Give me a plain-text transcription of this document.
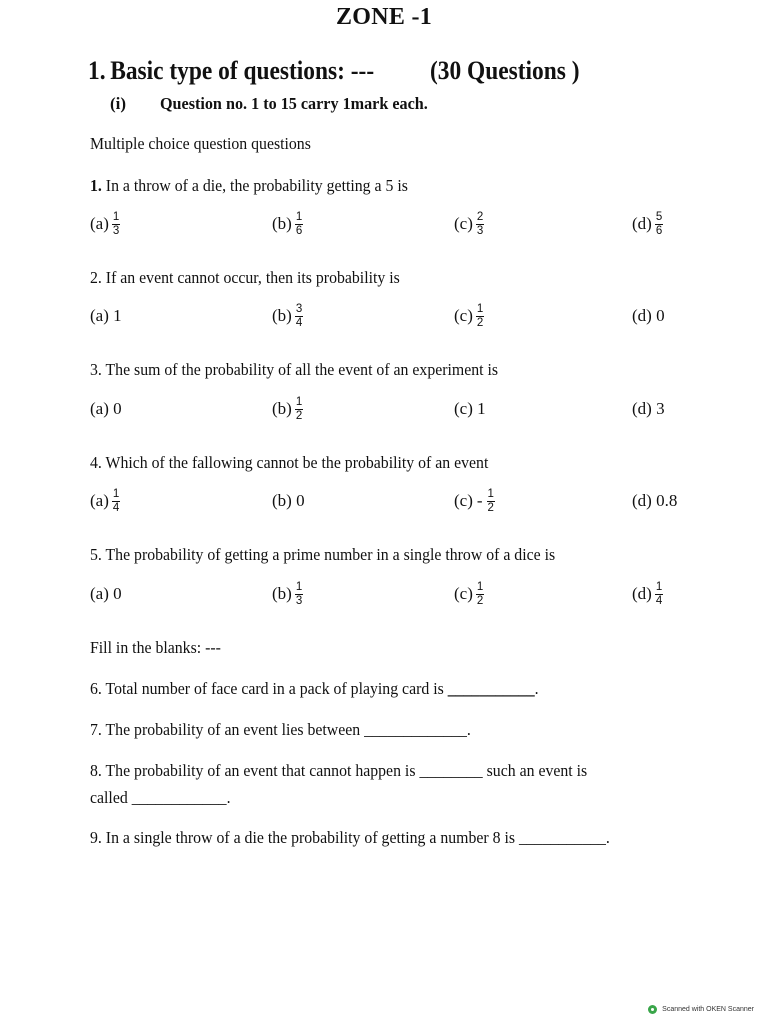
ZONE -1
1. Basic type of questions: --- (30 Questions )
(i) Question no. 1 to 15 carry 1mark each.
Multiple choice question questions
1. In a throw of a die, the probability getting a 5 is
$(a) \frac{1}{3}$	$(b) \frac{1}{6}$	$(c) \frac{2}{3}$	$(d) \frac{5}{6}$
2. If an event cannot occur, then its probability is
(a) 1	$(b) \frac{3}{4}$	$(c) \frac{1}{2}$	(d) 0
3. The sum of the probability of all the event of an experiment is
(a) 0	$(b) \frac{1}{2}$	(c) 1	(d) 3
4. Which of the fallowing cannot be the probability of an event
$(a) \frac{1}{4}$	(b) 0	$(c) - \frac{1}{2}$	(d) 0.8
5. The probability of getting a prime number in a single throw of a dice is
(a) 0	$(b) \frac{1}{3}$	$(c) \frac{1}{2}$	$(d) \frac{1}{4}$
Fill in the blanks: ---
6. Total number of face card in a pack of playing card is ___________.
7. The probability of an event lies between _____________.
8. The probability of an event that cannot happen is ________ such an event is
called ____________.
9. In a single throw of a die the probability of getting a number 8 is ___________.
Scanned with OKEN Scanner
